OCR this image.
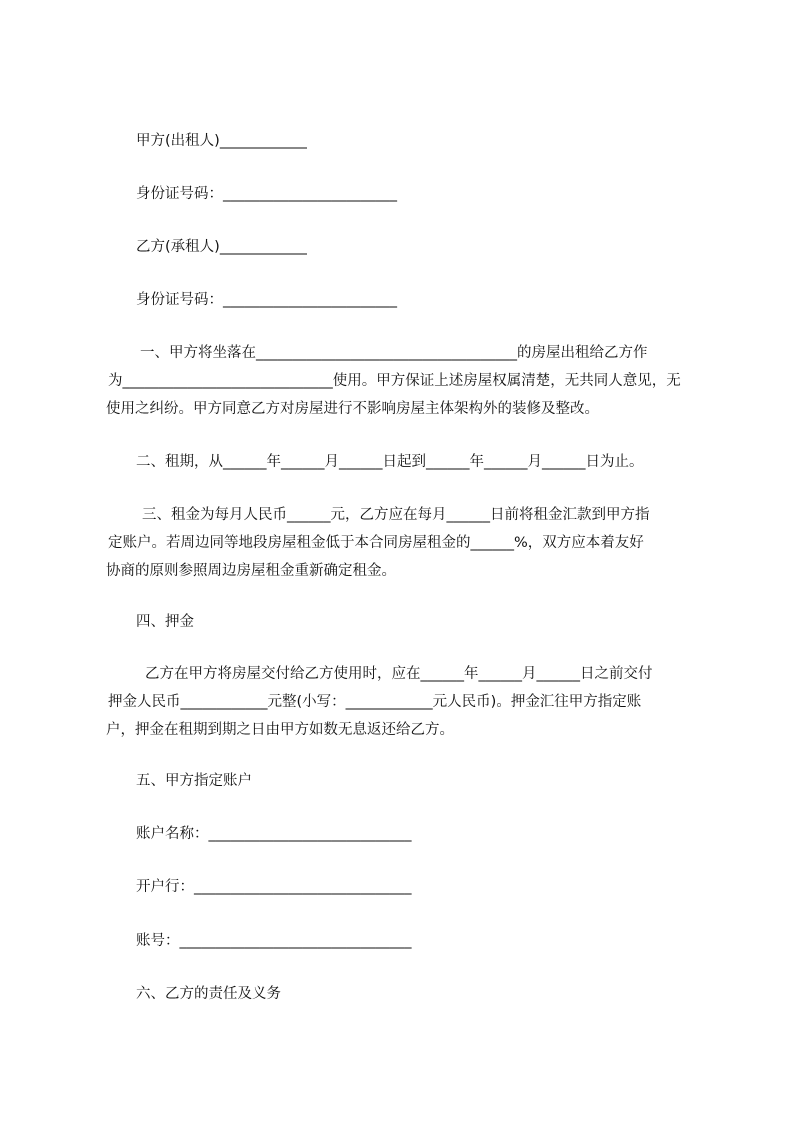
甲方(出租人)____________
身份证号码：________________________
乙方(承租人)____________
身份证号码：________________________
一、甲方将坐落在____________________________________的房屋出租给乙方作
为_____________________________使用。甲方保证上述房屋权属清楚，无共同人意见，无
使用之纠纷。甲方同意乙方对房屋进行不影响房屋主体架构外的装修及整改。
二、租期，从______年______月______日起到______年______月______日为止。
三、租金为每月人民币______元，乙方应在每月______日前将租金汇款到甲方指
定账户。若周边同等地段房屋租金低于本合同房屋租金的______%，双方应本着友好
协商的原则参照周边房屋租金重新确定租金。
四、押金
乙方在甲方将房屋交付给乙方使用时，应在______年______月______日之前交付
押金人民币____________元整(小写：____________元人民币)。押金汇往甲方指定账
户，押金在租期到期之日由甲方如数无息返还给乙方。
五、甲方指定账户
账户名称：____________________________
开户行：______________________________
账号：________________________________
六、乙方的责任及义务
